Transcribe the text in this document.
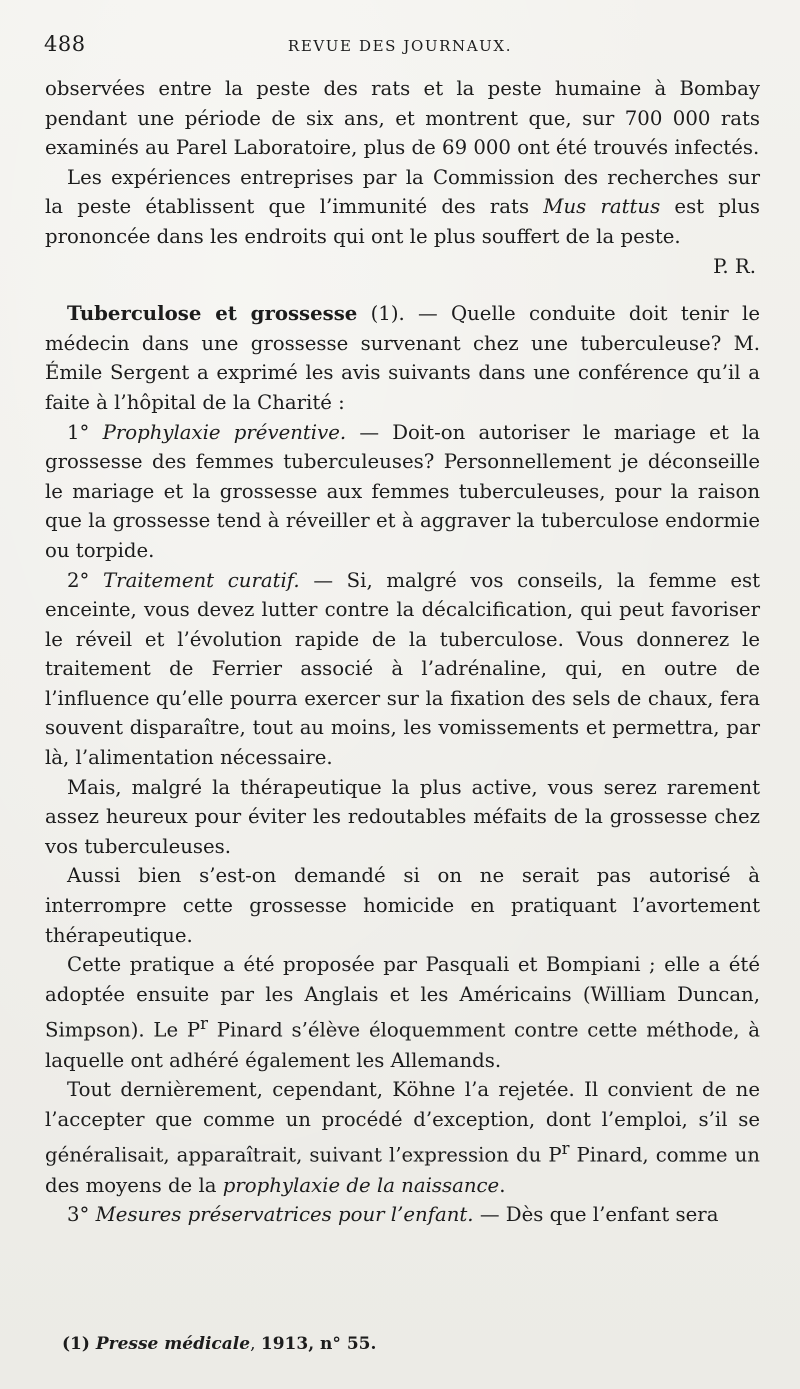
488	REVUE DES JOURNAUX.

observées entre la peste des rats et la peste humaine à Bombay pendant une période de six ans, et montrent que, sur 700 000 rats examinés au Parel Laboratoire, plus de 69 000 ont été trouvés infectés.

Les expériences entreprises par la Commission des recherches sur la peste établissent que l’immunité des rats Mus rattus est plus prononcée dans les endroits qui ont le plus souffert de la peste.

P. R.

Tuberculose et grossesse (1). — Quelle conduite doit tenir le médecin dans une grossesse survenant chez une tuberculeuse? M. Émile Sergent a exprimé les avis suivants dans une conférence qu’il a faite à l’hôpital de la Charité :

1° Prophylaxie préventive. — Doit-on autoriser le mariage et la grossesse des femmes tuberculeuses? Personnellement je déconseille le mariage et la grossesse aux femmes tuberculeuses, pour la raison que la grossesse tend à réveiller et à aggraver la tuberculose endormie ou torpide.

2° Traitement curatif. — Si, malgré vos conseils, la femme est enceinte, vous devez lutter contre la décalcification, qui peut favoriser le réveil et l’évolution rapide de la tuberculose. Vous donnerez le traitement de Ferrier associé à l’adrénaline, qui, en outre de l’influence qu’elle pourra exercer sur la fixation des sels de chaux, fera souvent disparaître, tout au moins, les vomissements et permettra, par là, l’alimentation nécessaire.

Mais, malgré la thérapeutique la plus active, vous serez rarement assez heureux pour éviter les redoutables méfaits de la grossesse chez vos tuberculeuses.

Aussi bien s’est-on demandé si on ne serait pas autorisé à interrompre cette grossesse homicide en pratiquant l’avortement thérapeutique.

Cette pratique a été proposée par Pasquali et Bompiani ; elle a été adoptée ensuite par les Anglais et les Américains (William Duncan, Simpson). Le $P^r$ Pinard s’élève éloquemment contre cette méthode, à laquelle ont adhéré également les Allemands.

Tout dernièrement, cependant, Köhne l’a rejetée. Il convient de ne l’accepter que comme un procédé d’exception, dont l’emploi, s’il se généralisait, apparaîtrait, suivant l’expression du $P^r$ Pinard, comme un des moyens de la prophylaxie de la naissance.

3° Mesures préservatrices pour l’enfant. — Dès que l’enfant sera

(1) Presse médicale, 1913, n° 55.
